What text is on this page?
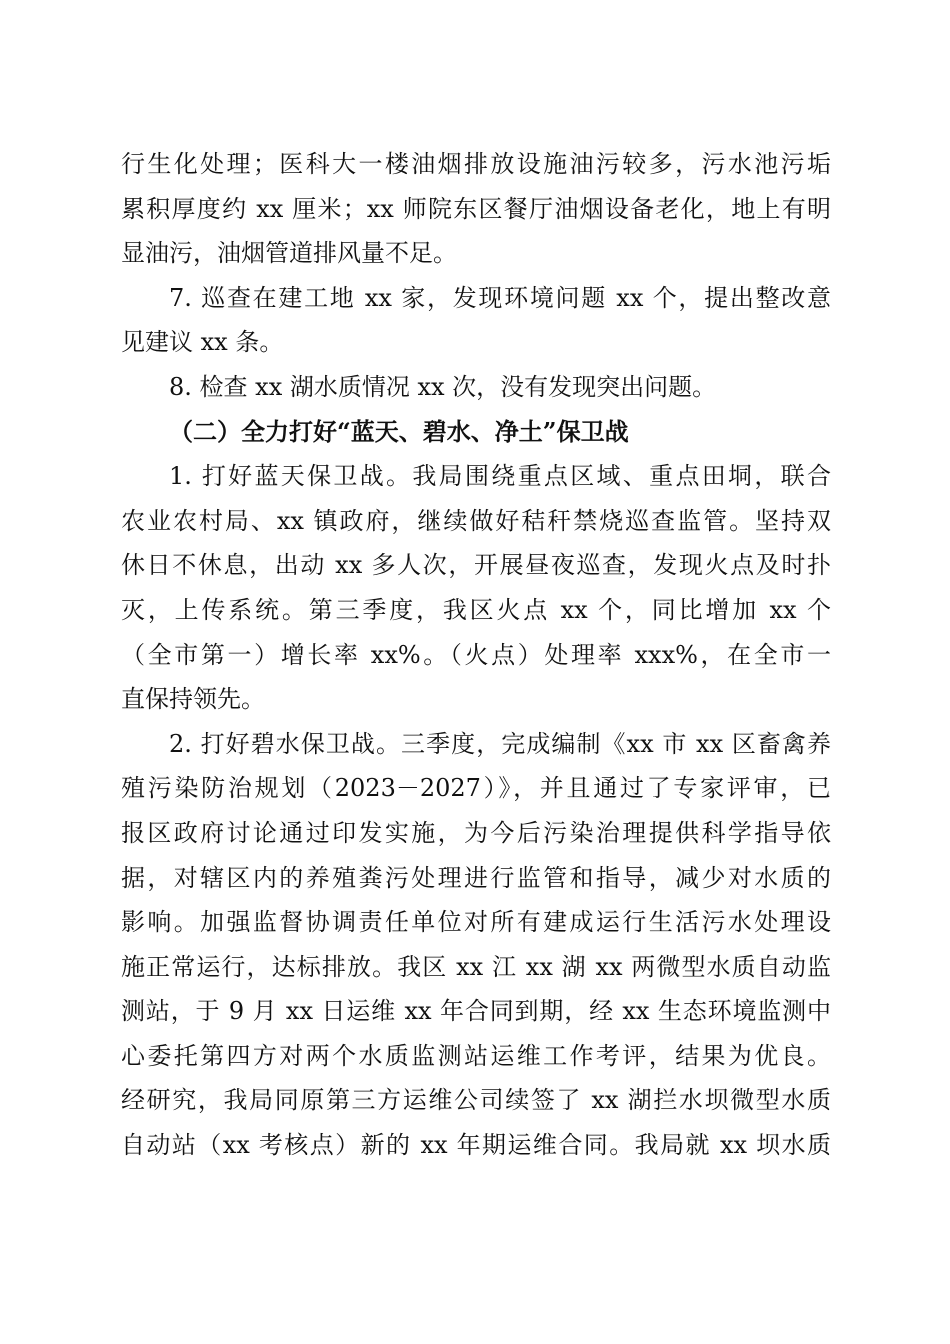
行生化处理；医科大一楼油烟排放设施油污较多，污水池污垢
累积厚度约 xx 厘米；xx 师院东区餐厅油烟设备老化，地上有明
显油污，油烟管道排风量不足。
7. 巡查在建工地 xx 家，发现环境问题 xx 个，提出整改意
见建议 xx 条。
8. 检查 xx 湖水质情况 xx 次，没有发现突出问题。
（二）全力打好“蓝天、碧水、净土”保卫战
1. 打好蓝天保卫战。我局围绕重点区域、重点田垌，联合
农业农村局、xx 镇政府，继续做好秸秆禁烧巡查监管。坚持双
休日不休息，出动 xx 多人次，开展昼夜巡查，发现火点及时扑
灭，上传系统。第三季度，我区火点 xx 个，同比增加 xx 个
（全市第一）增长率 xx%。（火点）处理率 xxx%，在全市一
直保持领先。
2. 打好碧水保卫战。三季度，完成编制《xx 市 xx 区畜禽养
殖污染防治规划（2023－2027）》，并且通过了专家评审，已
报区政府讨论通过印发实施，为今后污染治理提供科学指导依
据，对辖区内的养殖粪污处理进行监管和指导，减少对水质的
影响。加强监督协调责任单位对所有建成运行生活污水处理设
施正常运行，达标排放。我区 xx 江 xx 湖 xx 两微型水质自动监
测站，于 9 月 xx 日运维 xx 年合同到期，经 xx 生态环境监测中
心委托第四方对两个水质监测站运维工作考评，结果为优良。
经研究，我局同原第三方运维公司续签了 xx 湖拦水坝微型水质
自动站（xx 考核点）新的 xx 年期运维合同。我局就 xx 坝水质
